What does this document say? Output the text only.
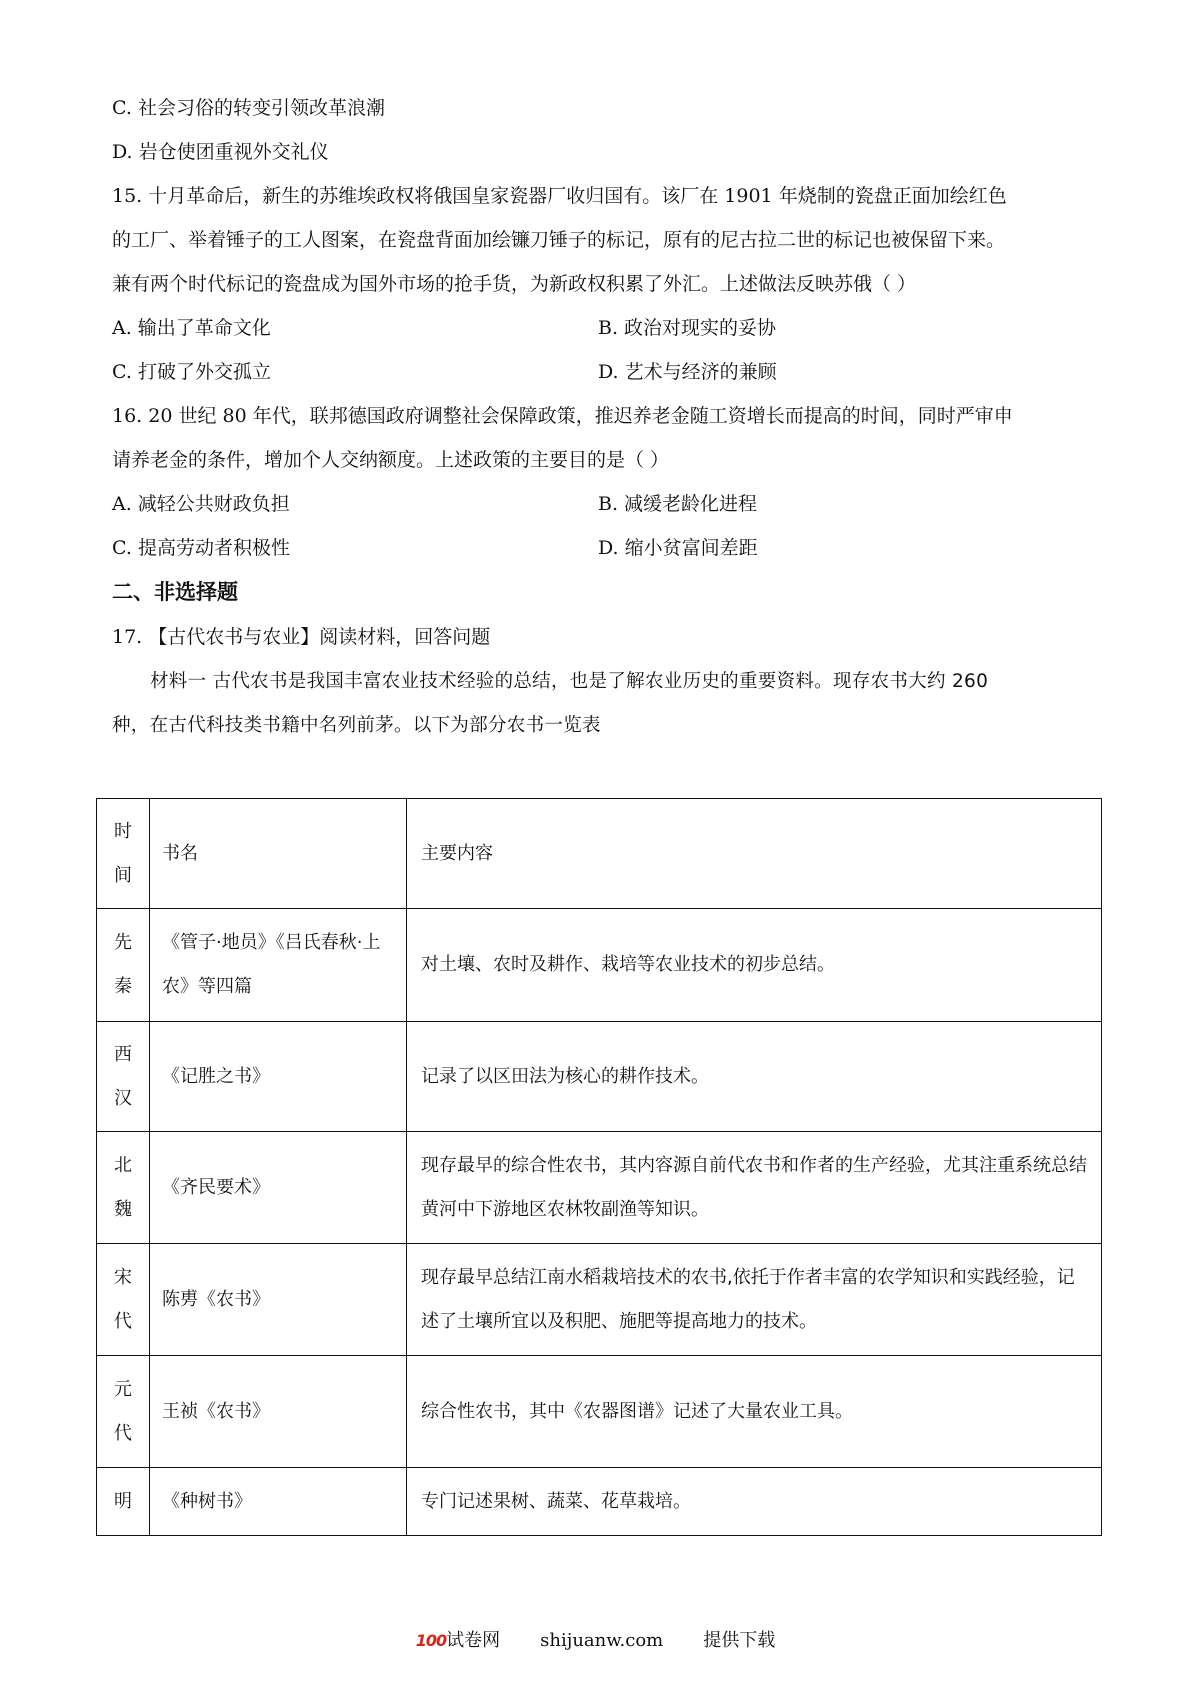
C. 社会习俗的转变引领改革浪潮
D. 岩仓使团重视外交礼仪
15. 十月革命后，新生的苏维埃政权将俄国皇家瓷器厂收归国有。该厂在 1901 年烧制的瓷盘正面加绘红色
的工厂、举着锤子的工人图案，在瓷盘背面加绘镰刀锤子的标记，原有的尼古拉二世的标记也被保留下来。
兼有两个时代标记的瓷盘成为国外市场的抢手货，为新政权积累了外汇。上述做法反映苏俄（ ）
A. 输出了革命文化	B. 政治对现实的妥协
C. 打破了外交孤立	D. 艺术与经济的兼顾
16. 20 世纪 80 年代，联邦德国政府调整社会保障政策，推迟养老金随工资增长而提高的时间，同时严审申
请养老金的条件，增加个人交纳额度。上述政策的主要目的是（ ）
A. 减轻公共财政负担	B. 减缓老龄化进程
C. 提高劳动者积极性	D. 缩小贫富间差距
二、非选择题
17. 【古代农书与农业】阅读材料，回答问题
材料一 古代农书是我国丰富农业技术经验的总结，也是了解农业历史的重要资料。现存农书大约 260
种，在古代科技类书籍中名列前茅。以下为部分农书一览表
时间	书名	主要内容

先秦	《管子·地员》《吕氏春秋·上农》等四篇	对土壤、农时及耕作、栽培等农业技术的初步总结。

西汉	《记胜之书》	记录了以区田法为核心的耕作技术。

北魏	《齐民要术》	现存最早的综合性农书，其内容源自前代农书和作者的生产经验，尤其注重系统总结黄河中下游地区农林牧副渔等知识。

宋代	陈旉《农书》	现存最早总结江南水稻栽培技术的农书,依托于作者丰富的农学知识和实践经验，记述了土壤所宜以及积肥、施肥等提高地力的技术。

元代	王祯《农书》	综合性农书，其中《农器图谱》记述了大量农业工具。

明	《种树书》	专门记述果树、蔬菜、花草栽培。
100试卷网 shijuanw.com 提供下载
